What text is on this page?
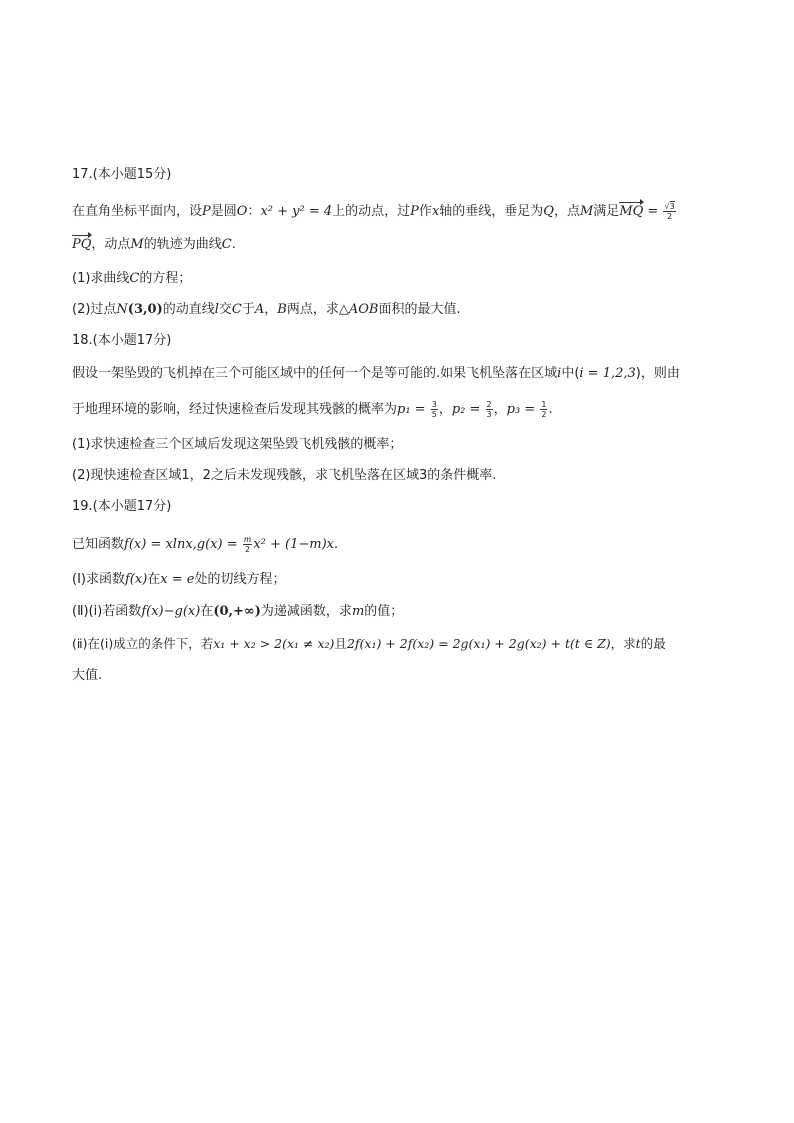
17.(本小题15分)
在直角坐标平面内，设P是圆O：x² + y² = 4上的动点，过P作x轴的垂线，垂足为Q，点M满足MQ = $\frac{√3}{2}$
PQ，动点M的轨迹为曲线C.
(1)求曲线C的方程；
(2)过点N(3,0)的动直线l交C于A，B两点，求△AOB面积的最大值.
18.(本小题17分)
假设一架坠毁的飞机掉在三个可能区域中的任何一个是等可能的.如果飞机坠落在区域i中(i = 1,2,3)，则由
于地理环境的影响，经过快速检查后发现其残骸的概率为$p_1 = \frac{3}{5}$ ，$p_2 = \frac{2}{3}$ ，$p_3 = \frac{1}{2}$ .
(1)求快速检查三个区域后发现这架坠毁飞机残骸的概率；
(2)现快速检查区域1，2之后未发现残骸，求飞机坠落在区域3的条件概率.
19.(本小题17分)
已知函数$f(x) = xlnx,g(x) = \frac{m}{2} x^2 + (1-m)x$.
(Ⅰ)求函数f(x)在x = e处的切线方程；
(Ⅱ)(ⅰ)若函数f(x)−g(x)在(0,+∞)为递减函数，求m的值；
(ⅱ)在(i)成立的条件下，若x₁ + x₂ > 2(x₁ ≠ x₂)且2f(x₁) + 2f(x₂) = 2g(x₁) + 2g(x₂) + t(t ∈ Z)，求t的最
大值.
